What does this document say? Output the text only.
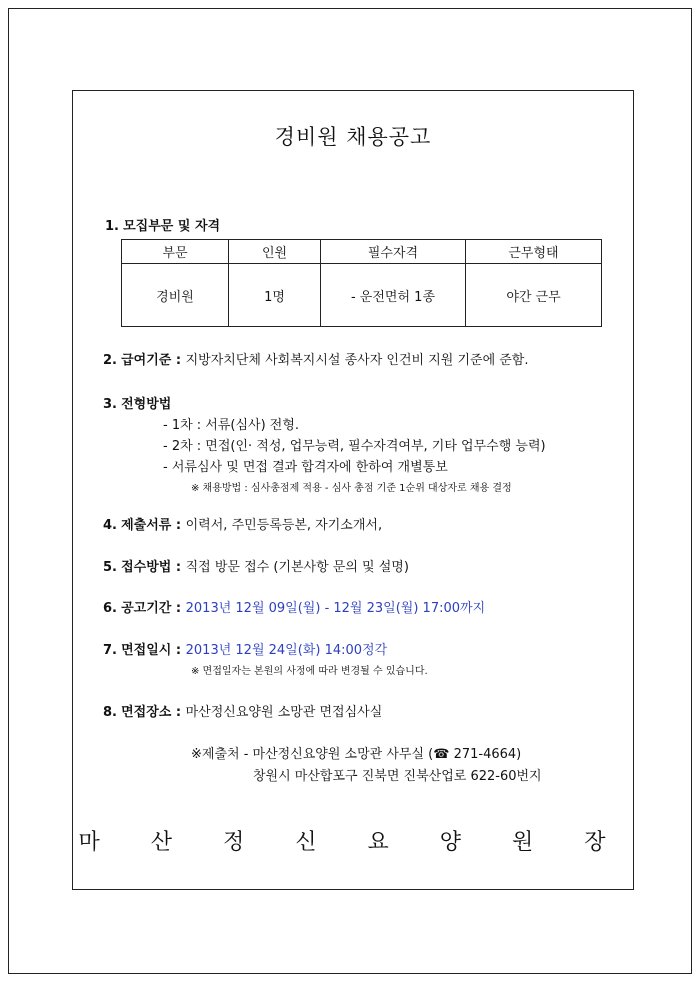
경비원 채용공고
1. 모집부문 및 자격
부문	인원	필수자격	근무형태
경비원	1명	- 운전면허 1종	야간 근무
2. 급여기준 : 지방자치단체 사회복지시설 종사자 인건비 지원 기준에 준함.
3. 전형방법
- 1차 : 서류(심사) 전형.
- 2차 : 면접(인· 적성, 업무능력, 필수자격여부, 기타 업무수행 능력)
- 서류심사 및 면접 결과 합격자에 한하여 개별통보
※ 채용방법 : 심사총점제 적용 - 심사 총점 기준 1순위 대상자로 채용 결정
4. 제출서류 : 이력서, 주민등록등본, 자기소개서,
5. 접수방법 : 직접 방문 접수 (기본사항 문의 및 설명)
6. 공고기간 : 2013년 12월 09일(월) - 12월 23일(월) 17:00까지
7. 면접일시 : 2013년 12월 24일(화) 14:00정각
※ 면접일자는 본원의 사정에 따라 변경될 수 있습니다.
8. 면접장소 : 마산정신요양원 소망관 면접심사실
※제출처 - 마산정신요양원 소망관 사무실 (☎ 271-4664)
창원시 마산합포구 진북면 진북산업로 622-60번지
마 산 정 신 요 양 원 장
